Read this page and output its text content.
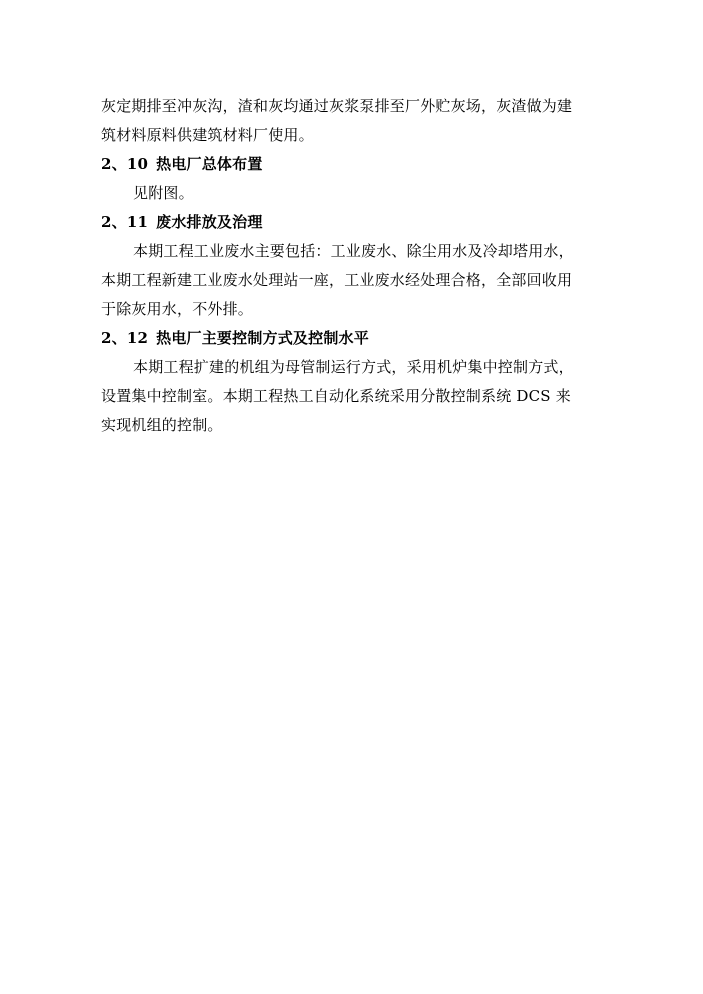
灰定期排至冲灰沟，渣和灰均通过灰浆泵排至厂外贮灰场，灰渣做为建
筑材料原料供建筑材料厂使用。
2、10 热电厂总体布置
见附图。
2、11 废水排放及治理
本期工程工业废水主要包括：工业废水、除尘用水及冷却塔用水，
本期工程新建工业废水处理站一座，工业废水经处理合格，全部回收用
于除灰用水，不外排。
2、12 热电厂主要控制方式及控制水平
本期工程扩建的机组为母管制运行方式，采用机炉集中控制方式，
设置集中控制室。本期工程热工自动化系统采用分散控制系统 DCS 来
实现机组的控制。
